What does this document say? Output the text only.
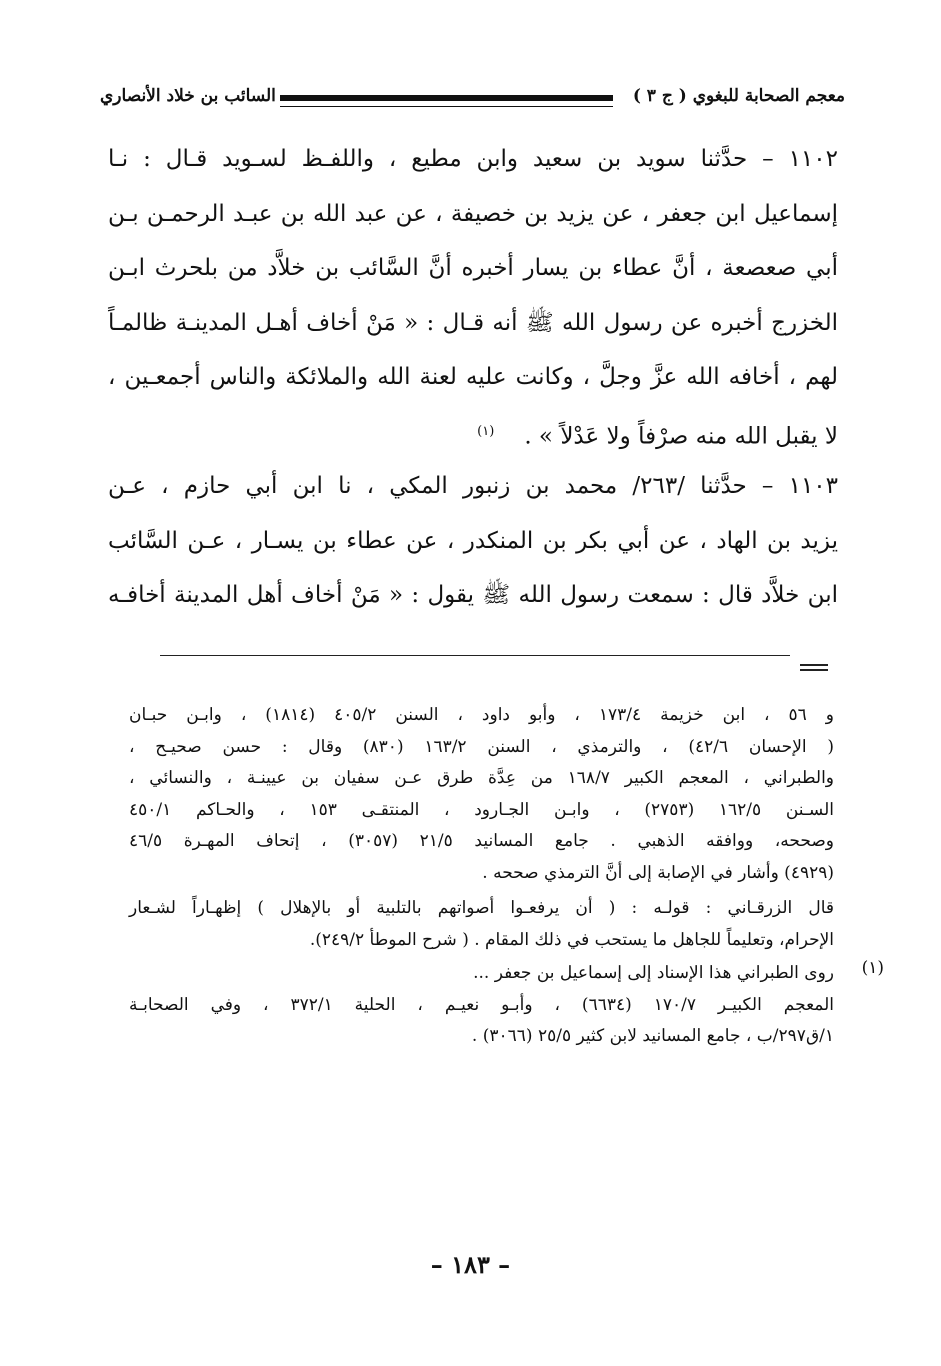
معجم الصحابة للبغوي ( ج ٣ )
السائب بن خلاد الأنصاري
١١٠٢ – حدَّثنا سويد بن سعيد وابن مطيع ، واللفـظ لسـويد قـال : نـا
إسماعيل ابن جعفر ، عن يزيد بن خصيفة ، عن عبد الله بن عبـد الرحمـن بـن
أبي صعصعة ، أنَّ عطاء بن يسار أخبره أنَّ السَّائب بن خلاَّد من بلحرث ابـن
الخزرج أخبره عن رسول الله ﷺ أنه قـال : « مَنْ أخاف أهـل المدينـة ظالمـاً
لهم ، أخافه الله عزَّ وجلَّ ، وكانت عليه لعنة الله والملائكة والناس أجمعـين ،
لا يقبل الله منه صرْفاً ولا عَدْلاً » .$^{(١)}$
١١٠٣ – حدَّثنا /٢٦٣/ محمد بن زنبور المكي ، نا ابن أبي حازم ، عـن
يزيد بن الهاد ، عن أبي بكر بن المنكدر ، عن عطاء بن يسـار ، عـن السَّائب
ابن خلاَّد قال : سمعت رسول الله ﷺ يقول : « مَنْ أخاف أهل المدينة أخافـه
و ٥٦ ، ابن خزيمة ١٧٣/٤ ، وأبو داود ، السنن ٤٠٥/٢ (١٨١٤) ، وابـن حبـان
( الإحسان ٤٢/٦) ، والترمذي ، السنن ١٦٣/٢ (٨٣٠) وقال : حسن صحيـح ،
والطبراني ، المعجم الكبير ١٦٨/٧ من عِدَّة طرق عـن سفيان بن عيينـة ، والنسائي ،
السـنن ١٦٢/٥ (٢٧٥٣) ، وابـن الجـارود ، المنتقـى ١٥٣ ، والحـاكم ٤٥٠/١
وصححه، ووافقه الذهبي . جامع المسانيد ٢١/٥ (٣٠٥٧) ، إتحاف المهـرة ٤٦/٥
(٤٩٢٩) وأشار في الإصابة إلى أنَّ الترمذي صححه .
قال الزرقـاني : قولـه : ( أن يرفعـوا أصواتهم بالتلبية أو بالإهلال ) إظهـاراً لشـعار
الإحرام، وتعليماً للجاهل ما يستحب في ذلك المقام . ( شرح الموطأ ٢٤٩/٢).
(١)
روى الطبراني هذا الإسناد إلى إسماعيل بن جعفر ...
المعجم الكبيـر ١٧٠/٧ (٦٦٣٤) ، وأبـو نعيـم ، الحلية ٣٧٢/١ ، وفي الصحابـة
١/ق٢٩٧/ب ، جامع المسانيد لابن كثير ٢٥/٥ (٣٠٦٦) .
– ١٨٣ –
